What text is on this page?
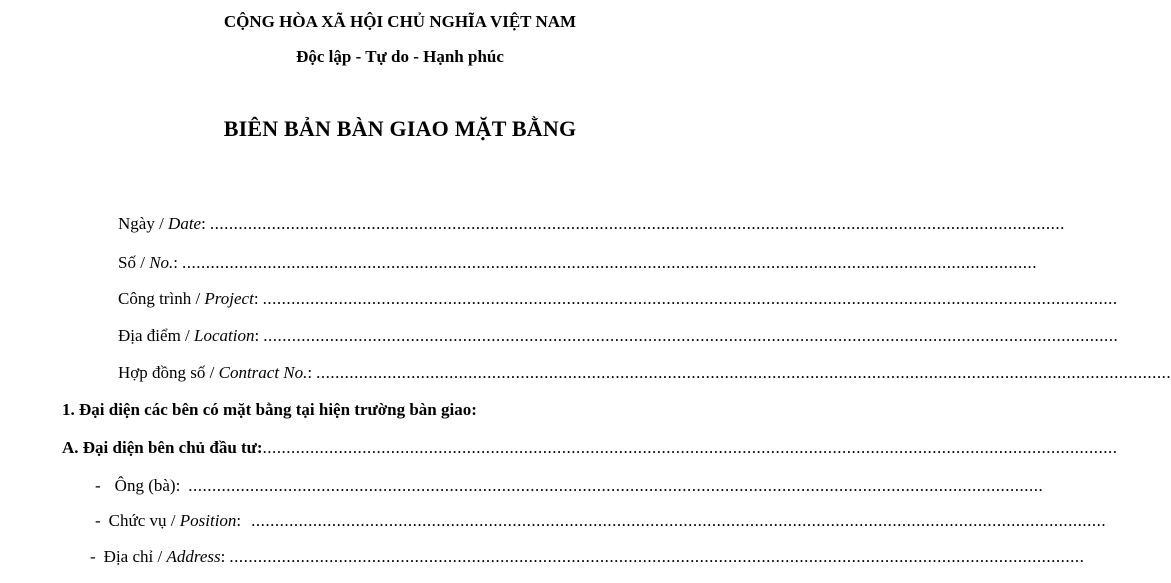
CỘNG HÒA XÃ HỘI CHỦ NGHĨA VIỆT NAM
Độc lập - Tự do - Hạnh phúc
BIÊN BẢN BÀN GIAO MẶT BẰNG
Ngày / Date: ....................................................................................................................................................................................
Số / No.: ....................................................................................................................................................................................
Công trình / Project: ....................................................................................................................................................................................
Địa điểm / Location: ....................................................................................................................................................................................
Hợp đồng số / Contract No.: ....................................................................................................................................................................................
1. Đại diện các bên có mặt bằng tại hiện trường bàn giao:
A. Đại diện bên chủ đầu tư: ....................................................................................................................................................................................
- Ông (bà): ....................................................................................................................................................................................
- Chức vụ / Position: ....................................................................................................................................................................................
- Địa chỉ / Address: ....................................................................................................................................................................................
